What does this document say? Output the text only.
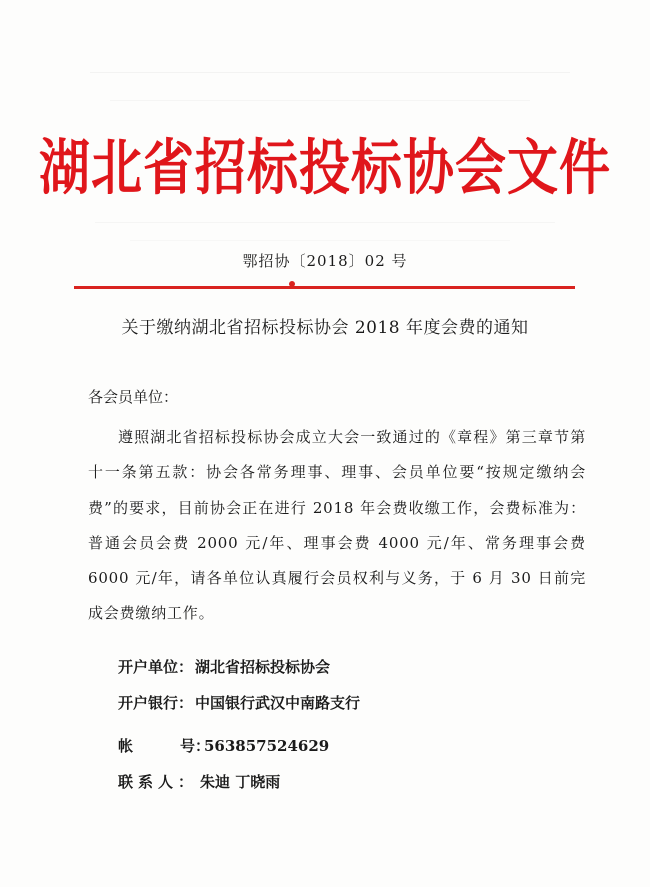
湖北省招标投标协会文件
鄂招协〔2018〕02 号
关于缴纳湖北省招标投标协会 2018 年度会费的通知
各会员单位：
遵照湖北省招标投标协会成立大会一致通过的《章程》第三章节第十一条第五款：协会各常务理事、理事、会员单位要“按规定缴纳会费”的要求，目前协会正在进行 2018 年会费收缴工作，会费标准为：普通会员会费 2000 元/年、理事会费 4000 元/年、常务理事会费 6000 元/年，请各单位认真履行会员权利与义务，于 6 月 30 日前完成会费缴纳工作。
开户单位： 湖北省招标投标协会
开户银行： 中国银行武汉中南路支行
帐	号：563857524629
联系人： 朱迪 丁晓雨
